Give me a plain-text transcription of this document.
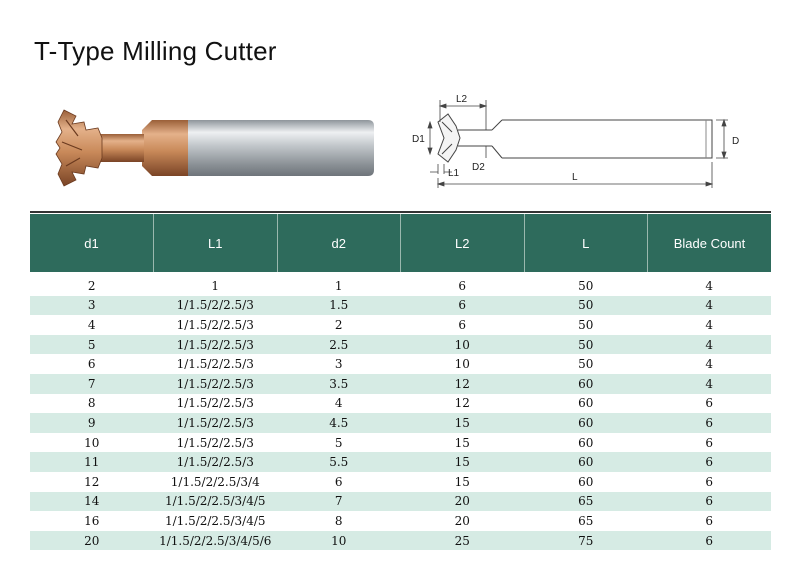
T-Type Milling Cutter
L2
D1
L1
D2
L
D
d1	L1	d2	L2	L	Blade Count
2	1	1	6	50	4
3	1/1.5/2/2.5/3	1.5	6	50	4
4	1/1.5/2/2.5/3	2	6	50	4
5	1/1.5/2/2.5/3	2.5	10	50	4
6	1/1.5/2/2.5/3	3	10	50	4
7	1/1.5/2/2.5/3	3.5	12	60	4
8	1/1.5/2/2.5/3	4	12	60	6
9	1/1.5/2/2.5/3	4.5	15	60	6
10	1/1.5/2/2.5/3	5	15	60	6
11	1/1.5/2/2.5/3	5.5	15	60	6
12	1/1.5/2/2.5/3/4	6	15	60	6
14	1/1.5/2/2.5/3/4/5	7	20	65	6
16	1/1.5/2/2.5/3/4/5	8	20	65	6
20	1/1.5/2/2.5/3/4/5/6	10	25	75	6
